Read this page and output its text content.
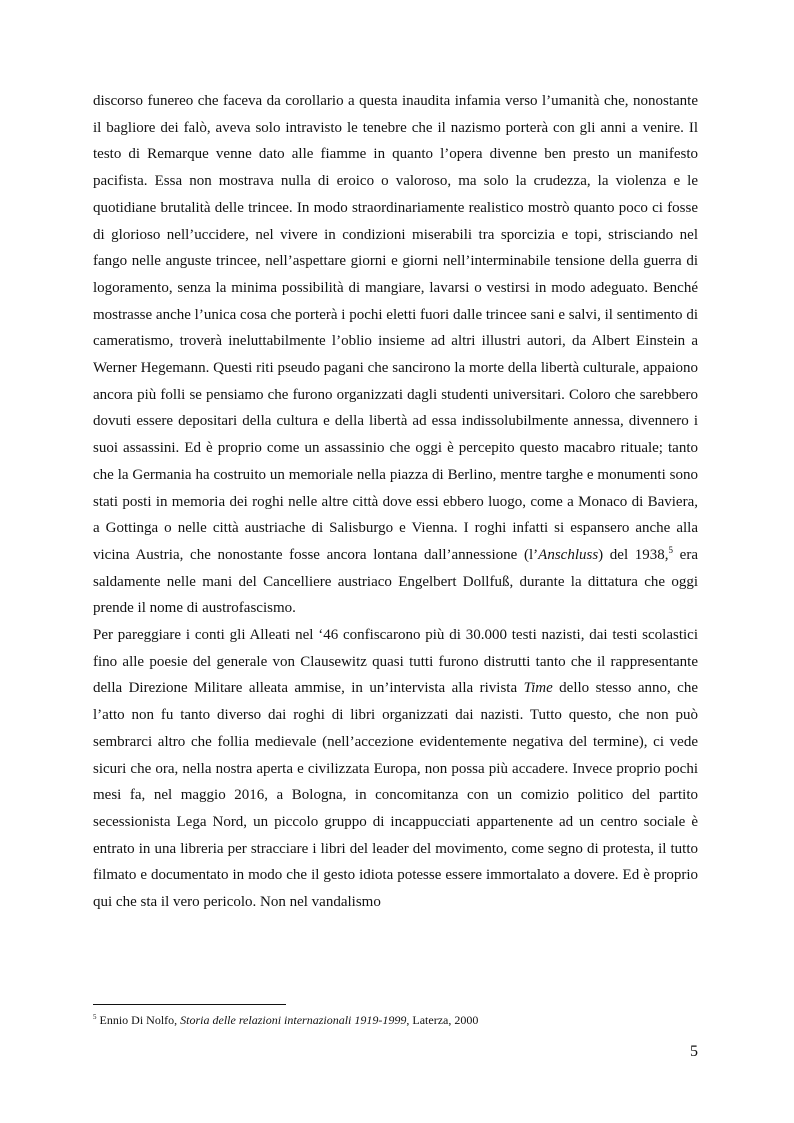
discorso funereo che faceva da corollario a questa inaudita infamia verso l’umanità che, nonostante il bagliore dei falò, aveva solo intravisto le tenebre che il nazismo porterà con gli anni a venire. Il testo di Remarque venne dato alle fiamme in quanto l’opera divenne ben presto un manifesto pacifista. Essa non mostrava nulla di eroico o valoroso, ma solo la crudezza, la violenza e le quotidiane brutalità delle trincee. In modo straordinariamente realistico mostrò quanto poco ci fosse di glorioso nell’uccidere, nel vivere in condizioni miserabili tra sporcizia e topi, strisciando nel fango nelle anguste trincee, nell’aspettare giorni e giorni nell’interminabile tensione della guerra di logoramento, senza la minima possibilità di mangiare, lavarsi o vestirsi in modo adeguato. Benché mostrasse anche l’unica cosa che porterà i pochi eletti fuori dalle trincee sani e salvi, il sentimento di cameratismo, troverà ineluttabilmente l’oblio insieme ad altri illustri autori, da Albert Einstein a Werner Hegemann. Questi riti pseudo pagani che sancirono la morte della libertà culturale, appaiono ancora più folli se pensiamo che furono organizzati dagli studenti universitari. Coloro che sarebbero dovuti essere depositari della cultura e della libertà ad essa indissolubilmente annessa, divennero i suoi assassini. Ed è proprio come un assassinio che oggi è percepito questo macabro rituale; tanto che la Germania ha costruito un memoriale nella piazza di Berlino, mentre targhe e monumenti sono stati posti in memoria dei roghi nelle altre città dove essi ebbero luogo, come a Monaco di Baviera, a Gottinga o nelle città austriache di Salisburgo e Vienna. I roghi infatti si espansero anche alla vicina Austria, che nonostante fosse ancora lontana dall’annessione (l’Anschluss) del 1938,$^5$ era saldamente nelle mani del Cancelliere austriaco Engelbert Dollfuß, durante la dittatura che oggi prende il nome di austrofascismo.

Per pareggiare i conti gli Alleati nel ‘46 confiscarono più di 30.000 testi nazisti, dai testi scolastici fino alle poesie del generale von Clausewitz quasi tutti furono distrutti tanto che il rappresentante della Direzione Militare alleata ammise, in un’intervista alla rivista Time dello stesso anno, che l’atto non fu tanto diverso dai roghi di libri organizzati dai nazisti. Tutto questo, che non può sembrarci altro che follia medievale (nell’accezione evidentemente negativa del termine), ci vede sicuri che ora, nella nostra aperta e civilizzata Europa, non possa più accadere. Invece proprio pochi mesi fa, nel maggio 2016, a Bologna, in concomitanza con un comizio politico del partito secessionista Lega Nord, un piccolo gruppo di incappucciati appartenente ad un centro sociale è entrato in una libreria per stracciare i libri del leader del movimento, come segno di protesta, il tutto filmato e documentato in modo che il gesto idiota potesse essere immortalato a dovere. Ed è proprio qui che sta il vero pericolo. Non nel vandalismo

$^5$ Ennio Di Nolfo, Storia delle relazioni internazionali 1919-1999, Laterza, 2000
5
